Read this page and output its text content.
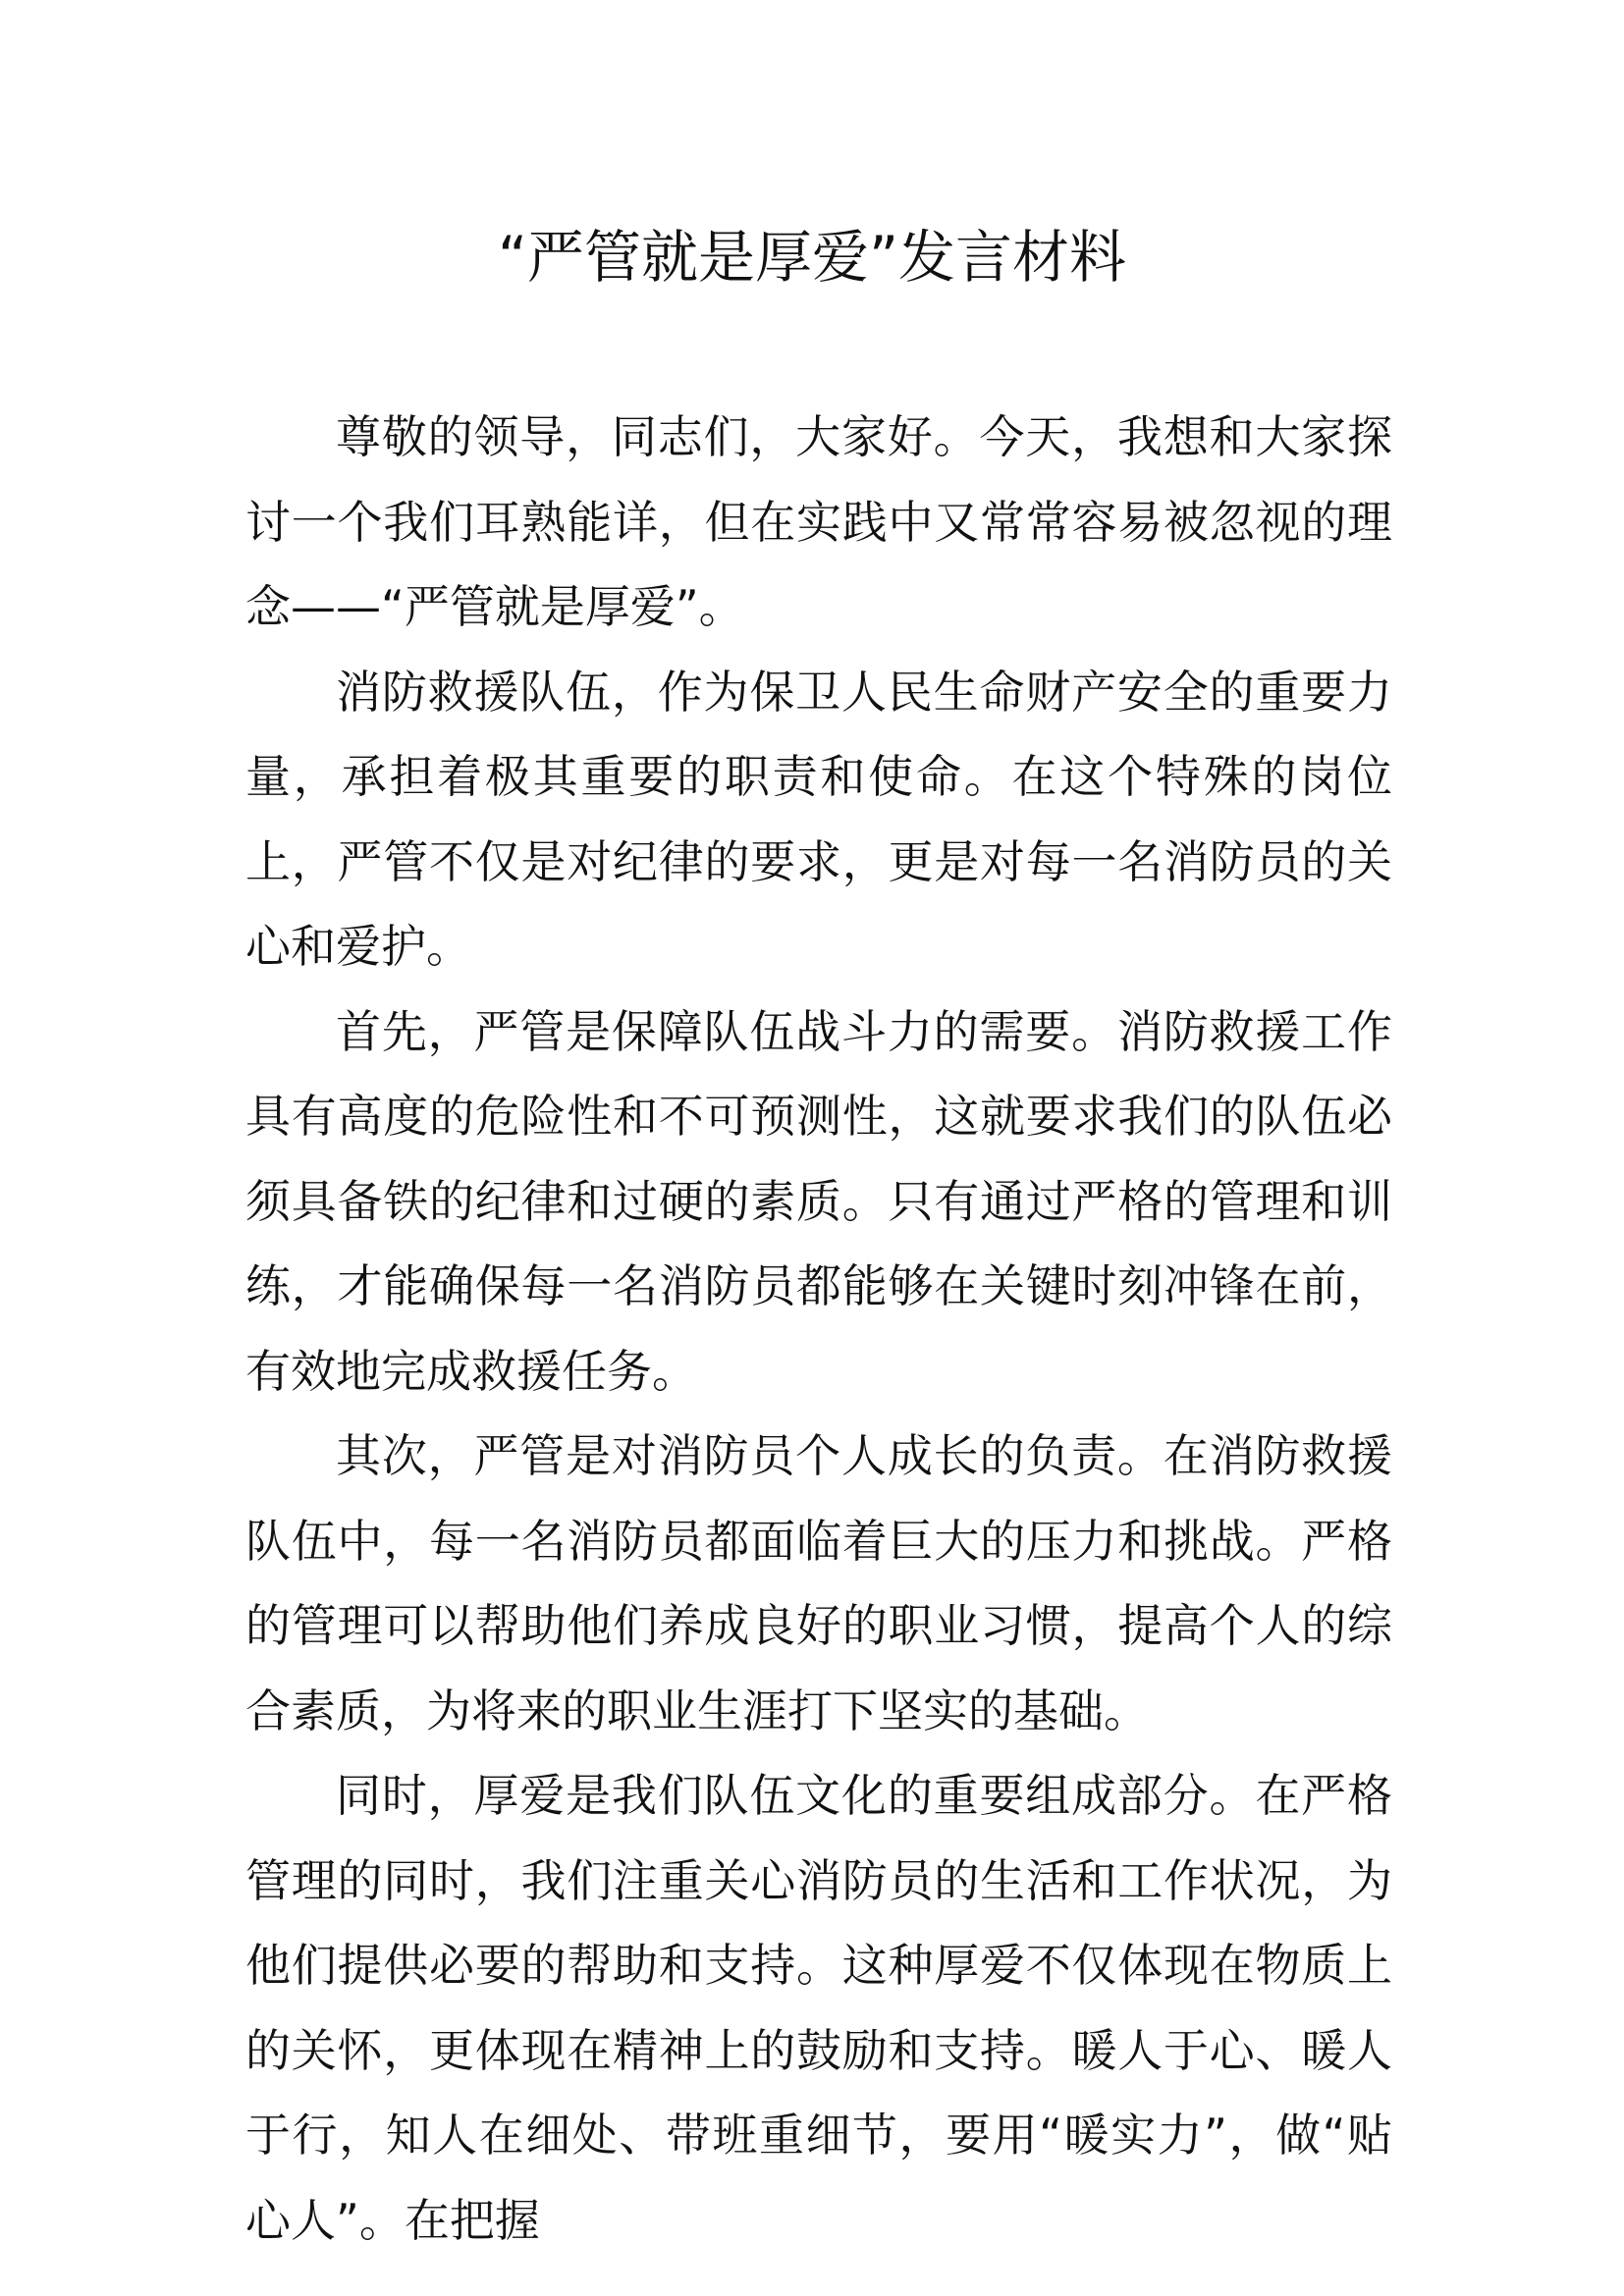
“严管就是厚爱”发言材料

尊敬的领导，同志们，大家好。今天，我想和大家探讨一个我们耳熟能详，但在实践中又常常容易被忽视的理念——“严管就是厚爱”。

消防救援队伍，作为保卫人民生命财产安全的重要力量，承担着极其重要的职责和使命。在这个特殊的岗位上，严管不仅是对纪律的要求，更是对每一名消防员的关心和爱护。

首先，严管是保障队伍战斗力的需要。消防救援工作具有高度的危险性和不可预测性，这就要求我们的队伍必须具备铁的纪律和过硬的素质。只有通过严格的管理和训练，才能确保每一名消防员都能够在关键时刻冲锋在前，有效地完成救援任务。

其次，严管是对消防员个人成长的负责。在消防救援队伍中，每一名消防员都面临着巨大的压力和挑战。严格的管理可以帮助他们养成良好的职业习惯，提高个人的综合素质，为将来的职业生涯打下坚实的基础。

同时，厚爱是我们队伍文化的重要组成部分。在严格管理的同时，我们注重关心消防员的生活和工作状况，为他们提供必要的帮助和支持。这种厚爱不仅体现在物质上的关怀，更体现在精神上的鼓励和支持。暖人于心、暖人于行，知人在细处、带班重细节，要用“暖实力”，做“贴心人”。在把握
